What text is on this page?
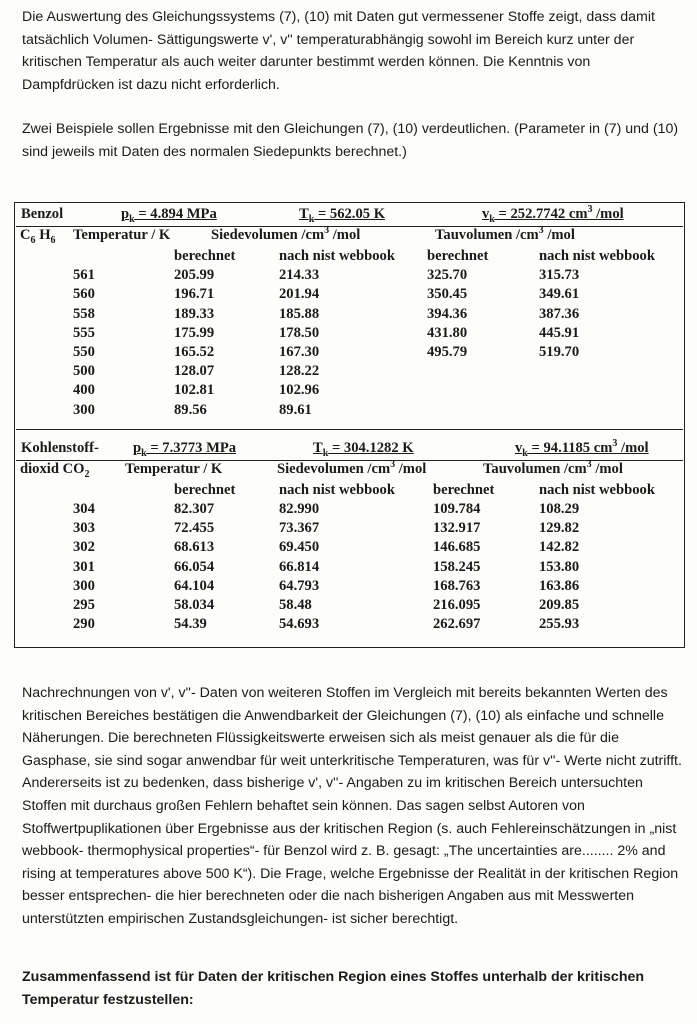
Die Auswertung des Gleichungssystems (7), (10) mit Daten gut vermessener Stoffe zeigt, dass damit tatsächlich Volumen- Sättigungswerte v', v'' temperaturabhängig sowohl im Bereich kurz unter der kritischen Temperatur als auch weiter darunter bestimmt werden können. Die Kenntnis von Dampfdrücken ist dazu nicht erforderlich.

Zwei Beispiele sollen Ergebnisse mit den Gleichungen (7), (10) verdeutlichen. (Parameter in (7) und (10) sind jeweils mit Daten des normalen Siedepunkts berechnet.)

Benzol	$p_k = 4.894$ MPa	$T_k = 562.05$ K	$v_k = 252.7742$ $cm^3$ /mol
$C_6$ $H_6$ Temperatur / K	Siedevolumen $/cm^3$ /mol	Tauvolumen $/cm^3$ /mol
	berechnet	nach nist webbook	berechnet	nach nist webbook
561	205.99	214.33	325.70	315.73
560	196.71	201.94	350.45	349.61
558	189.33	185.88	394.36	387.36
555	175.99	178.50	431.80	445.91
550	165.52	167.30	495.79	519.70
500	128.07	128.22		
400	102.81	102.96		
300	89.56	89.61		
Kohlenstoff- $p_k = 7.3773$ MPa	$T_k = 304.1282$ K	$v_k = 94.1185$ $cm^3$ /mol
dioxid $CO_2$ Temperatur / K	Siedevolumen $/cm^3$ /mol	Tauvolumen $/cm^3$ /mol
	berechnet	nach nist webbook	berechnet	nach nist webbook
304	82.307	82.990	109.784	108.29
303	72.455	73.367	132.917	129.82
302	68.613	69.450	146.685	142.82
301	66.054	66.814	158.245	153.80
300	64.104	64.793	168.763	163.86
295	58.034	58.48	216.095	209.85
290	54.39	54.693	262.697	255.93

Nachrechnungen von v', v''- Daten von weiteren Stoffen im Vergleich mit bereits bekannten Werten des kritischen Bereiches bestätigen die Anwendbarkeit der Gleichungen (7), (10) als einfache und schnelle Näherungen. Die berechneten Flüssigkeitswerte erweisen sich als meist genauer als die für die Gasphase, sie sind sogar anwendbar für weit unterkritische Temperaturen, was für v''- Werte nicht zutrifft. Andererseits ist zu bedenken, dass bisherige v', v''- Angaben zu im kritischen Bereich untersuchten Stoffen mit durchaus großen Fehlern behaftet sein können. Das sagen selbst Autoren von Stoffwertpuplikationen über Ergebnisse aus der kritischen Region (s. auch Fehlereinschätzungen in „nist webbook- thermophysical properties“- für Benzol wird z. B. gesagt: „The uncertainties are........ 2% and rising at temperatures above 500 K“). Die Frage, welche Ergebnisse der Realität in der kritischen Region besser entsprechen- die hier berechneten oder die nach bisherigen Angaben aus mit Messwerten unterstützten empirischen Zustandsgleichungen- ist sicher berechtigt.

Zusammenfassend ist für Daten der kritischen Region eines Stoffes unterhalb der kritischen Temperatur festzustellen:
